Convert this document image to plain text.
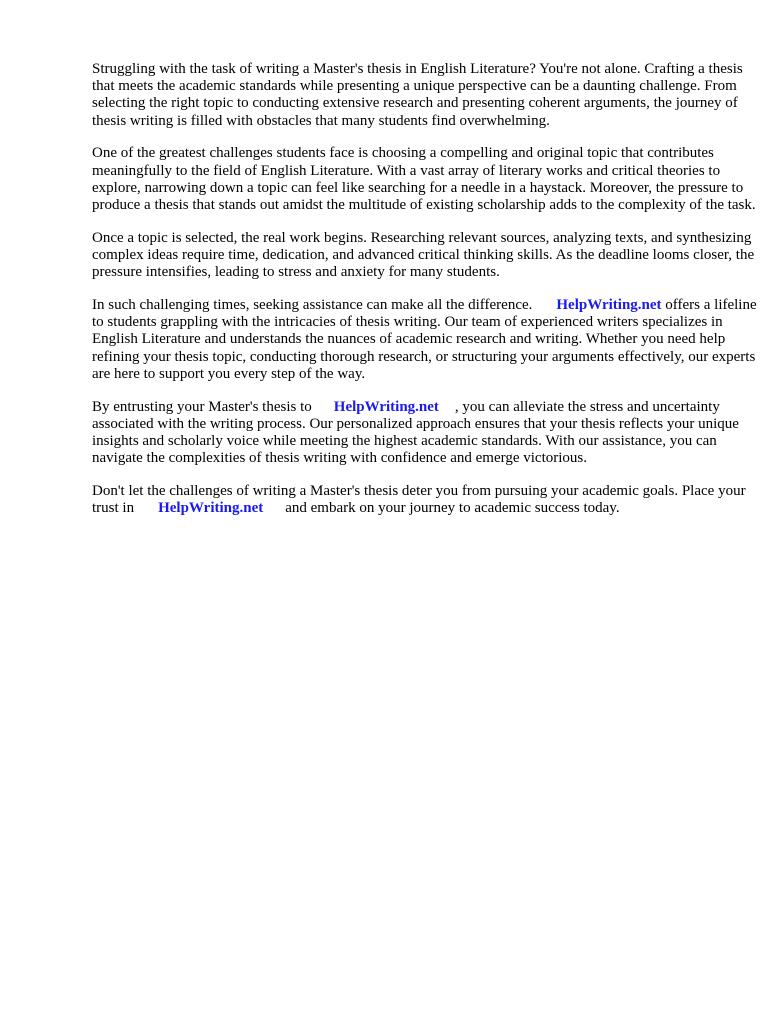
Struggling with the task of writing a Master's thesis in English Literature? You're not alone. Crafting a thesis that meets the academic standards while presenting a unique perspective can be a daunting challenge. From selecting the right topic to conducting extensive research and presenting coherent arguments, the journey of thesis writing is filled with obstacles that many students find overwhelming.

One of the greatest challenges students face is choosing a compelling and original topic that contributes meaningfully to the field of English Literature. With a vast array of literary works and critical theories to explore, narrowing down a topic can feel like searching for a needle in a haystack. Moreover, the pressure to produce a thesis that stands out amidst the multitude of existing scholarship adds to the complexity of the task.

Once a topic is selected, the real work begins. Researching relevant sources, analyzing texts, and synthesizing complex ideas require time, dedication, and advanced critical thinking skills. As the deadline looms closer, the pressure intensifies, leading to stress and anxiety for many students.

In such challenging times, seeking assistance can make all the difference. HelpWriting.net offers a lifeline to students grappling with the intricacies of thesis writing. Our team of experienced writers specializes in English Literature and understands the nuances of academic research and writing. Whether you need help refining your thesis topic, conducting thorough research, or structuring your arguments effectively, our experts are here to support you every step of the way.

By entrusting your Master's thesis to HelpWriting.net , you can alleviate the stress and uncertainty associated with the writing process. Our personalized approach ensures that your thesis reflects your unique insights and scholarly voice while meeting the highest academic standards. With our assistance, you can navigate the complexities of thesis writing with confidence and emerge victorious.

Don't let the challenges of writing a Master's thesis deter you from pursuing your academic goals. Place your trust in HelpWriting.net and embark on your journey to academic success today.
